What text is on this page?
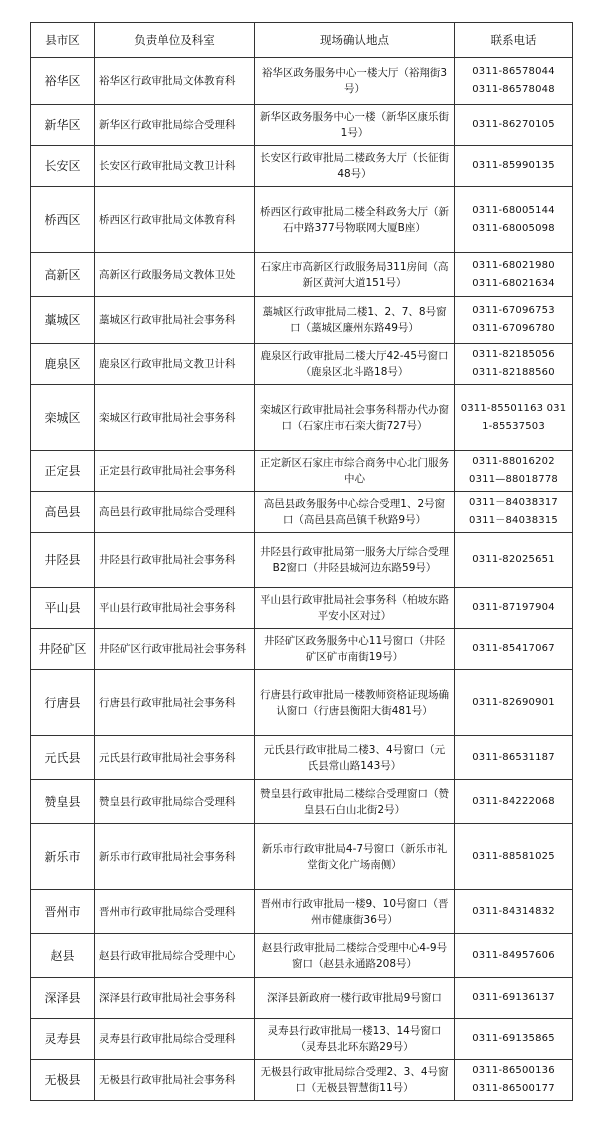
县市区	负责单位及科室	现场确认地点	联系电话
裕华区	裕华区行政审批局文体教育科	裕华区政务服务中心一楼大厅（裕翔街3号）	0311-86578044
0311-86578048

新华区	新华区行政审批局综合受理科	新华区政务服务中心一楼（新华区康乐街1号）	0311-86270105

长安区	长安区行政审批局文教卫计科	长安区行政审批局二楼政务大厅（长征街48号）	0311-85990135

桥西区	桥西区行政审批局文体教育科	桥西区行政审批局二楼全科政务大厅（新石中路377号物联网大厦B座）	0311-68005144
0311-68005098

高新区	高新区行政服务局文教体卫处	石家庄市高新区行政服务局311房间（高新区黄河大道151号）	0311-68021980
0311-68021634

藁城区	藁城区行政审批局社会事务科	藁城区行政审批局二楼1、2、7、8号窗口（藁城区廉州东路49号）	0311-67096753
0311-67096780

鹿泉区	鹿泉区行政审批局文教卫计科	鹿泉区行政审批局二楼大厅42-45号窗口（鹿泉区北斗路18号）	0311-82185056
0311-82188560

栾城区	栾城区行政审批局社会事务科	栾城区行政审批局社会事务科帮办代办窗口（石家庄市石栾大街727号）	0311-85501163 0311-85537503

正定县	正定县行政审批局社会事务科	正定新区石家庄市综合商务中心北门服务中心	0311-88016202
0311—88018778

高邑县	高邑县行政审批局综合受理科	高邑县政务服务中心综合受理1、2号窗口（高邑县高邑镇千秋路9号）	0311－84038317
0311－84038315

井陉县	井陉县行政审批局社会事务科	井陉县行政审批局第一服务大厅综合受理B2窗口（井陉县城河边东路59号）	0311-82025651

平山县	平山县行政审批局社会事务科	平山县行政审批局社会事务科（柏坡东路平安小区对过）	0311-87197904

井陉矿区	井陉矿区行政审批局社会事务科	井陉矿区政务服务中心11号窗口（井陉矿区矿市南街19号）	0311-85417067

行唐县	行唐县行政审批局社会事务科	行唐县行政审批局一楼教师资格证现场确认窗口（行唐县衡阳大街481号）	0311-82690901

元氏县	元氏县行政审批局社会事务科	元氏县行政审批局二楼3、4号窗口（元氏县常山路143号）	0311-86531187

赞皇县	赞皇县行政审批局综合受理科	赞皇县行政审批局二楼综合受理窗口（赞皇县石白山北街2号）	0311-84222068

新乐市	新乐市行政审批局社会事务科	新乐市行政审批局4-7号窗口（新乐市礼堂街文化广场南侧）	0311-88581025

晋州市	晋州市行政审批局综合受理科	晋州市行政审批局一楼9、10号窗口（晋州市健康街36号）	0311-84314832

赵县	赵县行政审批局综合受理中心	赵县行政审批局二楼综合受理中心4-9号窗口（赵县永通路208号）	0311-84957606

深泽县	深泽县行政审批局社会事务科	深泽县新政府一楼行政审批局9号窗口	0311-69136137

灵寿县	灵寿县行政审批局综合受理科	灵寿县行政审批局一楼13、14号窗口（灵寿县北环东路29号）	0311-69135865

无极县	无极县行政审批局社会事务科	无极县行政审批局综合受理2、3、4号窗口（无极县智慧街11号）	0311-86500136
0311-86500177
